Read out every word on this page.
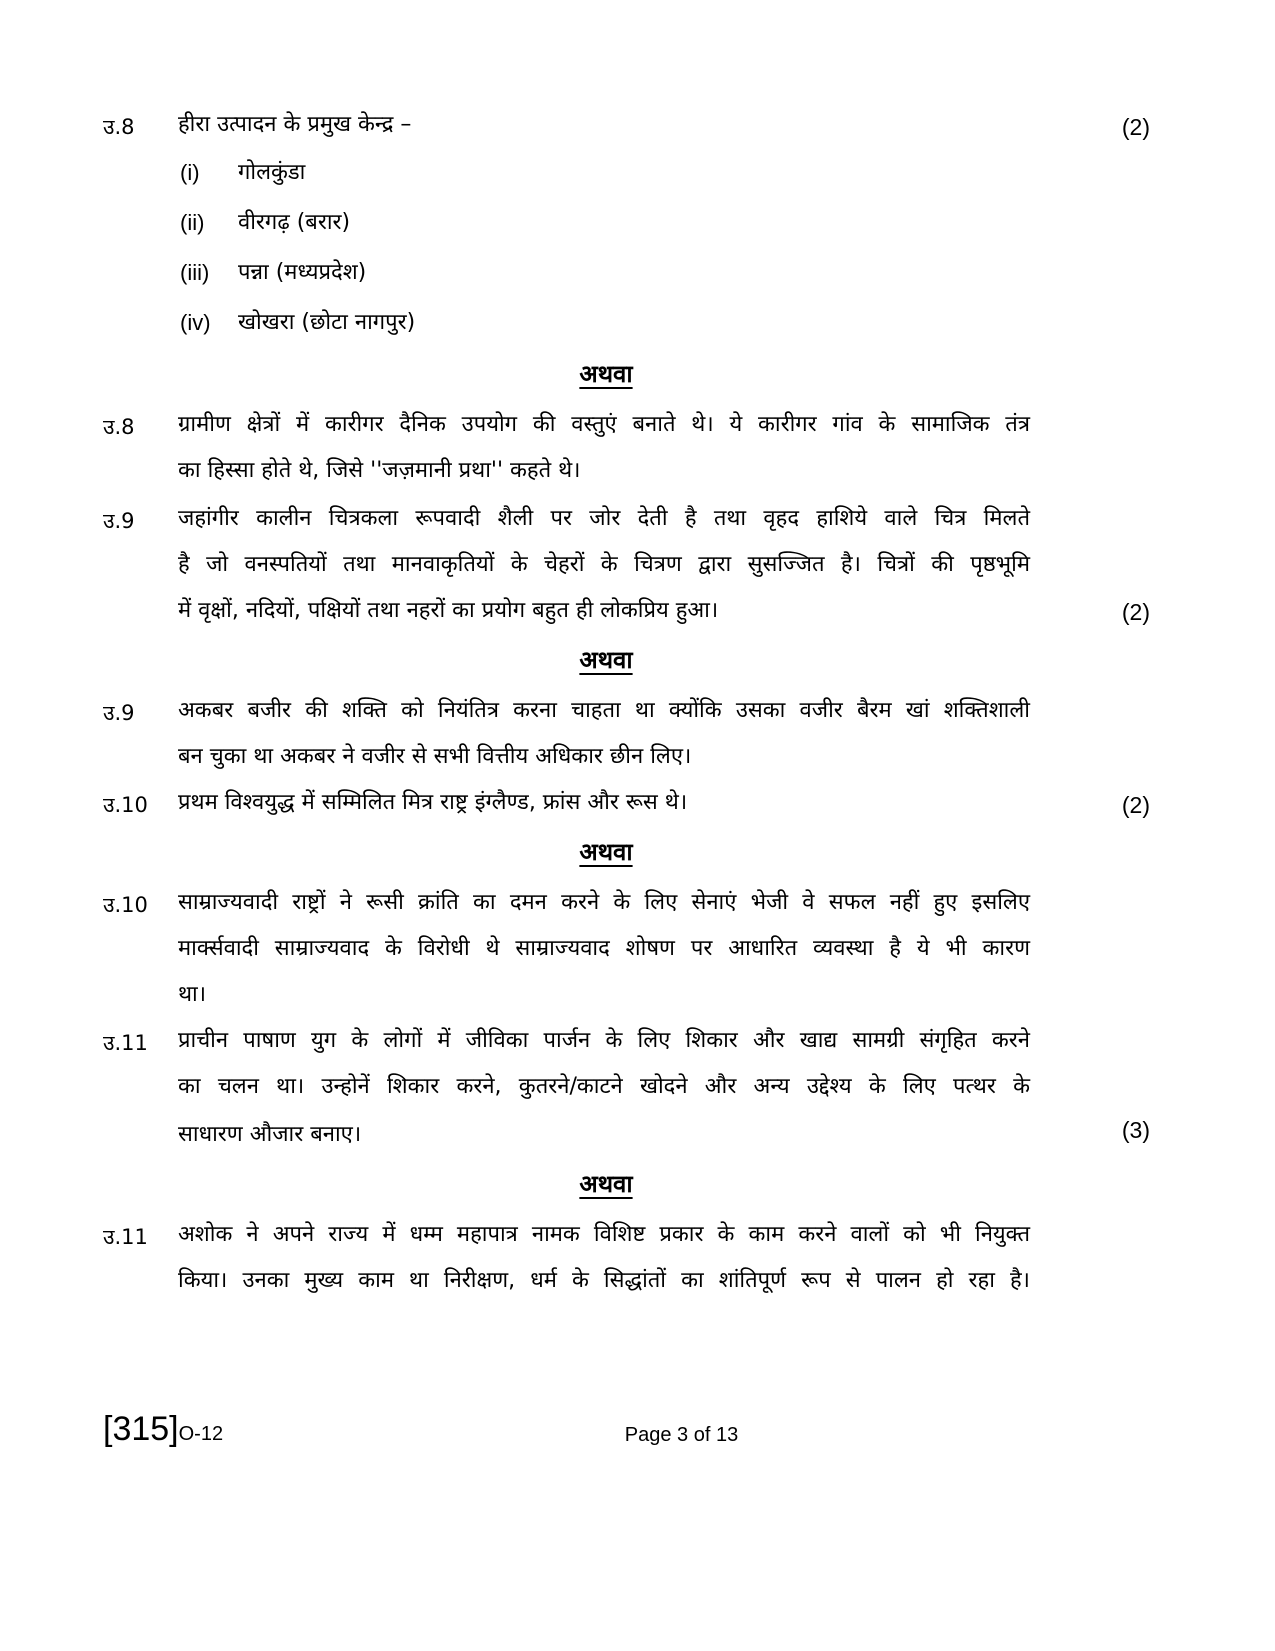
उ.8 हीरा उत्पादन के प्रमुख केन्द्र –	(2)
(i) गोलकुंडा
(ii) वीरगढ़ (बरार)
(iii) पन्ना (मध्यप्रदेश)
(iv) खोखरा (छोटा नागपुर)
अथवा
उ.8 ग्रामीण क्षेत्रों में कारीगर दैनिक उपयोग की वस्तुएं बनाते थे। ये कारीगर गांव के सामाजिक तंत्र
का हिस्सा होते थे, जिसे ''जज़मानी प्रथा'' कहते थे।
उ.9 जहांगीर कालीन चित्रकला रूपवादी शैली पर जोर देती है तथा वृहद हाशिये वाले चित्र मिलते
है जो वनस्पतियों तथा मानवाकृतियों के चेहरों के चित्रण द्वारा सुसज्जित है। चित्रों की पृष्ठभूमि
में वृक्षों, नदियों, पक्षियों तथा नहरों का प्रयोग बहुत ही लोकप्रिय हुआ।	(2)
अथवा
उ.9 अकबर बजीर की शक्ति को नियंतित्र करना चाहता था क्योंकि उसका वजीर बैरम खां शक्तिशाली
बन चुका था अकबर ने वजीर से सभी वित्तीय अधिकार छीन लिए।
उ.10 प्रथम विश्वयुद्ध में सम्मिलित मित्र राष्ट्र इंग्लैण्ड, फ्रांस और रूस थे।	(2)
अथवा
उ.10 साम्राज्यवादी राष्ट्रों ने रूसी क्रांति का दमन करने के लिए सेनाएं भेजी वे सफल नहीं हुए इसलिए
मार्क्सवादी साम्राज्यवाद के विरोधी थे साम्राज्यवाद शोषण पर आधारित व्यवस्था है ये भी कारण
था।
उ.11 प्राचीन पाषाण युग के लोगों में जीविका पार्जन के लिए शिकार और खाद्य सामग्री संगृहित करने
का चलन था। उन्होनें शिकार करने, कुतरने/काटने खोदने और अन्य उद्देश्य के लिए पत्थर के
साधारण औजार बनाए।	(3)
अथवा
उ.11 अशोक ने अपने राज्य में धम्म महापात्र नामक विशिष्ट प्रकार के काम करने वालों को भी नियुक्त
किया। उनका मुख्य काम था निरीक्षण, धर्म के सिद्धांतों का शांतिपूर्ण रूप से पालन हो रहा है।
[315]O-12	Page 3 of 13
